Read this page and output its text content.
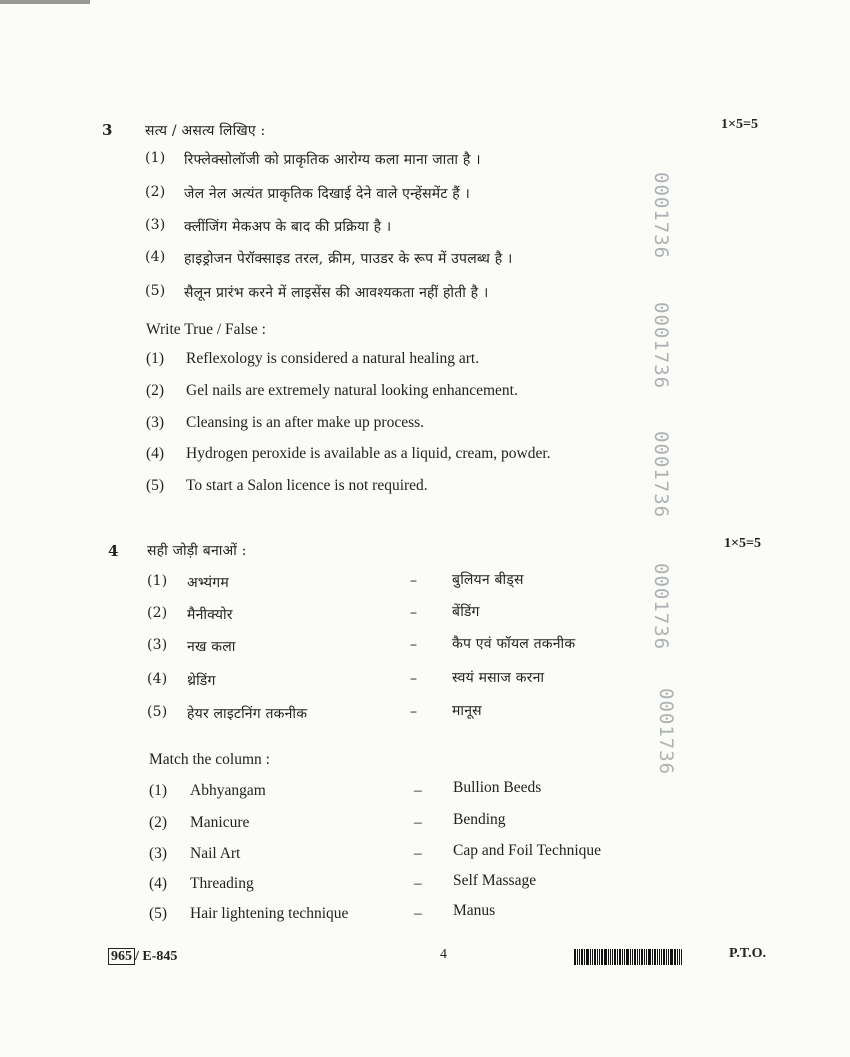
3 सत्य / असत्य लिखिए :	1×5=5
(1) रिफ्लेक्सोलॉजी को प्राकृतिक आरोग्य कला माना जाता है ।
(2) जेल नेल अत्यंत प्राकृतिक दिखाई देने वाले एन्हेंसमेंट हैं ।
(3) क्लींजिंग मेकअप के बाद की प्रक्रिया है ।
(4) हाइड्रोजन पेरॉक्साइड तरल, क्रीम, पाउडर के रूप में उपलब्ध है ।
(5) सैलून प्रारंभ करने में लाइसेंस की आवश्यकता नहीं होती है ।
Write True / False :
(1) Reflexology is considered a natural healing art.
(2) Gel nails are extremely natural looking enhancement.
(3) Cleansing is an after make up process.
(4) Hydrogen peroxide is available as a liquid, cream, powder.
(5) To start a Salon licence is not required.
4 सही जोड़ी बनाओं :	1×5=5
(1) अभ्यंगम	– बुलियन बीड्स
(2) मैनीक्योर	– बेंडिंग
(3) नख कला	– कैप एवं फॉयल तकनीक
(4) थ्रेडिंग	– स्वयं मसाज करना
(5) हेयर लाइटनिंग तकनीक	– मानूस
Match the column :
(1) Abhyangam	– Bullion Beeds
(2) Manicure	– Bending
(3) Nail Art	– Cap and Foil Technique
(4) Threading	– Self Massage
(5) Hair lightening technique	– Manus
0001736
0001736
0001736
0001736
0001736
965 / E-845	4	P.T.O.
